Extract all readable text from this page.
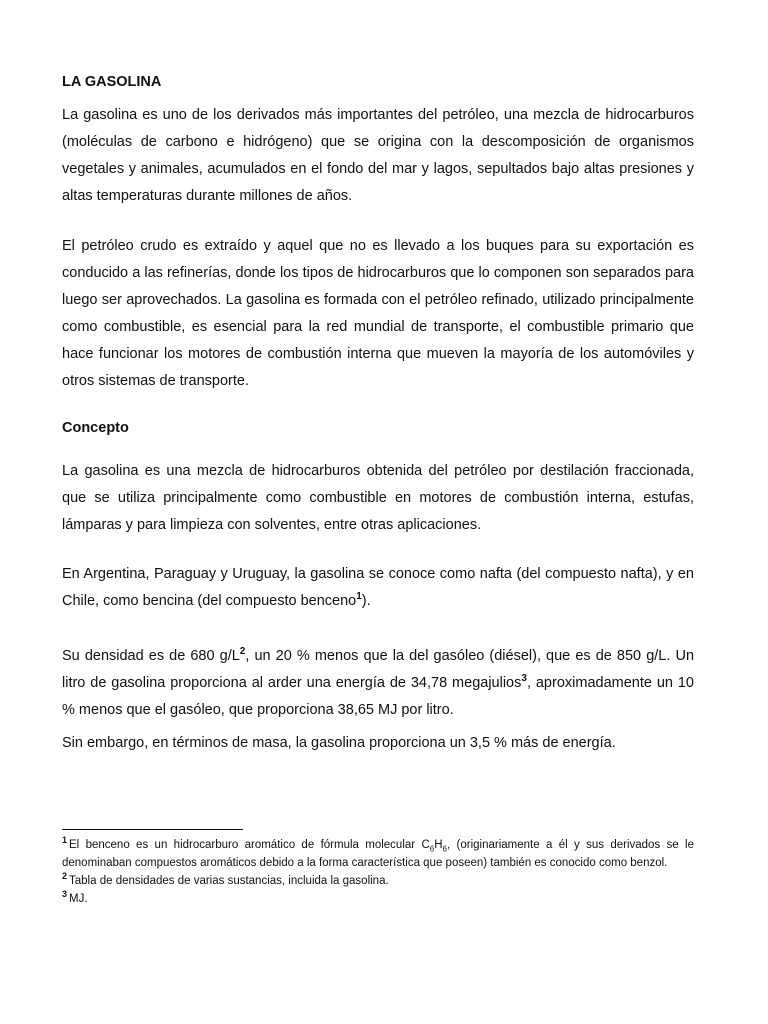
LA GASOLINA

La gasolina es uno de los derivados más importantes del petróleo, una mezcla de hidrocarburos (moléculas de carbono e hidrógeno) que se origina con la descomposición de organismos vegetales y animales, acumulados en el fondo del mar y lagos, sepultados bajo altas presiones y altas temperaturas durante millones de años.

El petróleo crudo es extraído y aquel que no es llevado a los buques para su exportación es conducido a las refinerías, donde los tipos de hidrocarburos que lo componen son separados para luego ser aprovechados. La gasolina es formada con el petróleo refinado, utilizado principalmente como combustible, es esencial para la red mundial de transporte, el combustible primario que hace funcionar los motores de combustión interna que mueven la mayoría de los automóviles y otros sistemas de transporte.

Concepto

La gasolina es una mezcla de hidrocarburos obtenida del petróleo por destilación fraccionada, que se utiliza principalmente como combustible en motores de combustión interna, estufas, lámparas y para limpieza con solventes, entre otras aplicaciones.

En Argentina, Paraguay y Uruguay, la gasolina se conoce como nafta (del compuesto nafta), y en Chile, como bencina (del compuesto benceno$^1$).

Su densidad es de 680 g/L$^2$, un 20 % menos que la del gasóleo (diésel), que es de 850 g/L. Un litro de gasolina proporciona al arder una energía de 34,78 megajulios$^3$, aproximadamente un 10 % menos que el gasóleo, que proporciona 38,65 MJ por litro.

Sin embargo, en términos de masa, la gasolina proporciona un 3,5 % más de energía.

$^1$ El benceno es un hidrocarburo aromático de fórmula molecular $C_6H_6$, (originariamente a él y sus derivados se le denominaban compuestos aromáticos debido a la forma característica que poseen) también es conocido como benzol.
$^2$ Tabla de densidades de varias sustancias, incluida la gasolina.
$^3$ MJ.
